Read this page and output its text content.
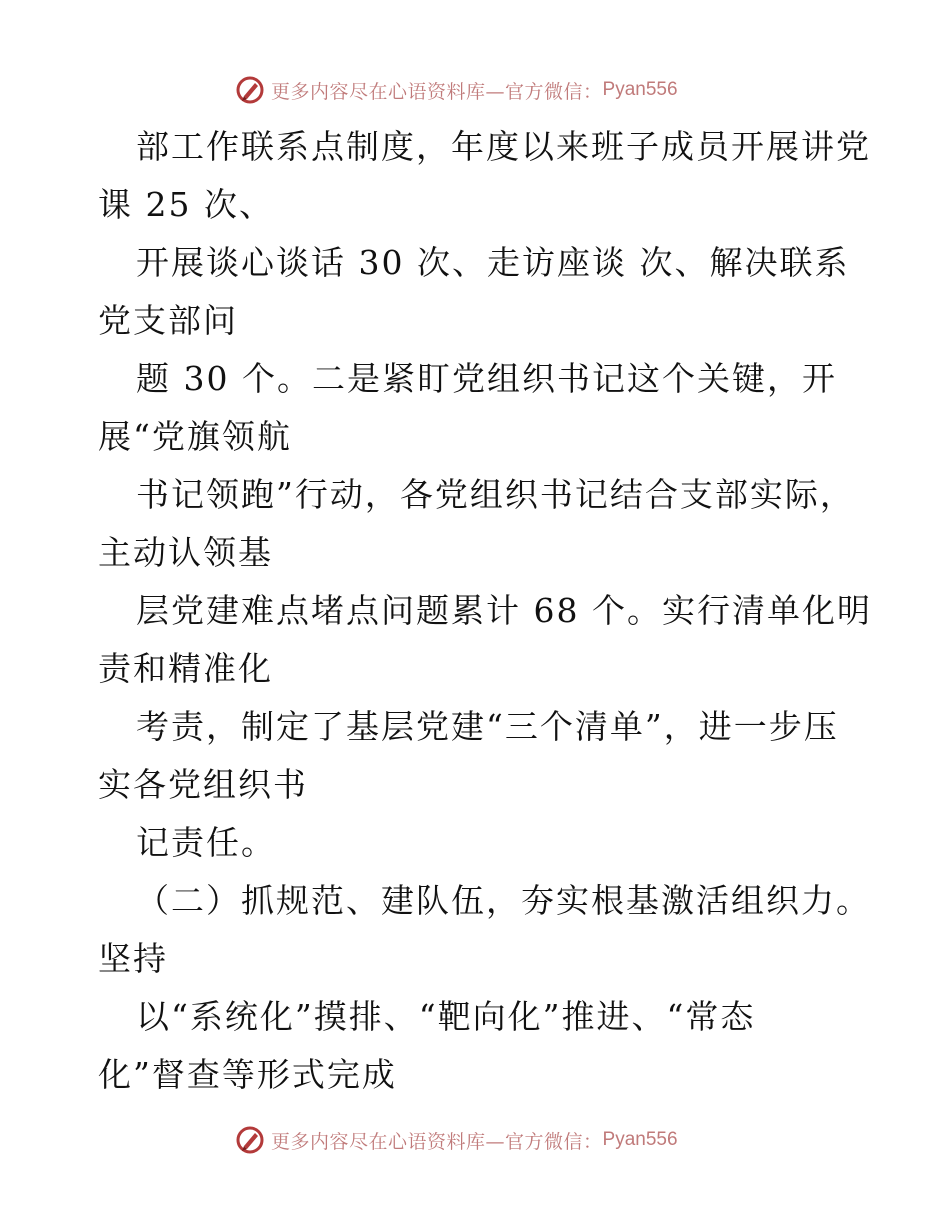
更多内容尽在心语资料库—官方微信： Pyan556
部工作联系点制度，年度以来班子成员开展讲党
课 25 次、
开展谈心谈话 30 次、走访座谈 次、解决联系
党支部问
题 30 个。二是紧盯党组织书记这个关键，开
展“党旗领航
书记领跑”行动，各党组织书记结合支部实际，
主动认领基
层党建难点堵点问题累计 68 个。实行清单化明
责和精准化
考责，制定了基层党建“三个清单”，进一步压
实各党组织书
记责任。
（二）抓规范、建队伍，夯实根基激活组织力。
坚持
以“系统化”摸排、“靶向化”推进、“常态
化”督查等形式完成
更多内容尽在心语资料库—官方微信： Pyan556
